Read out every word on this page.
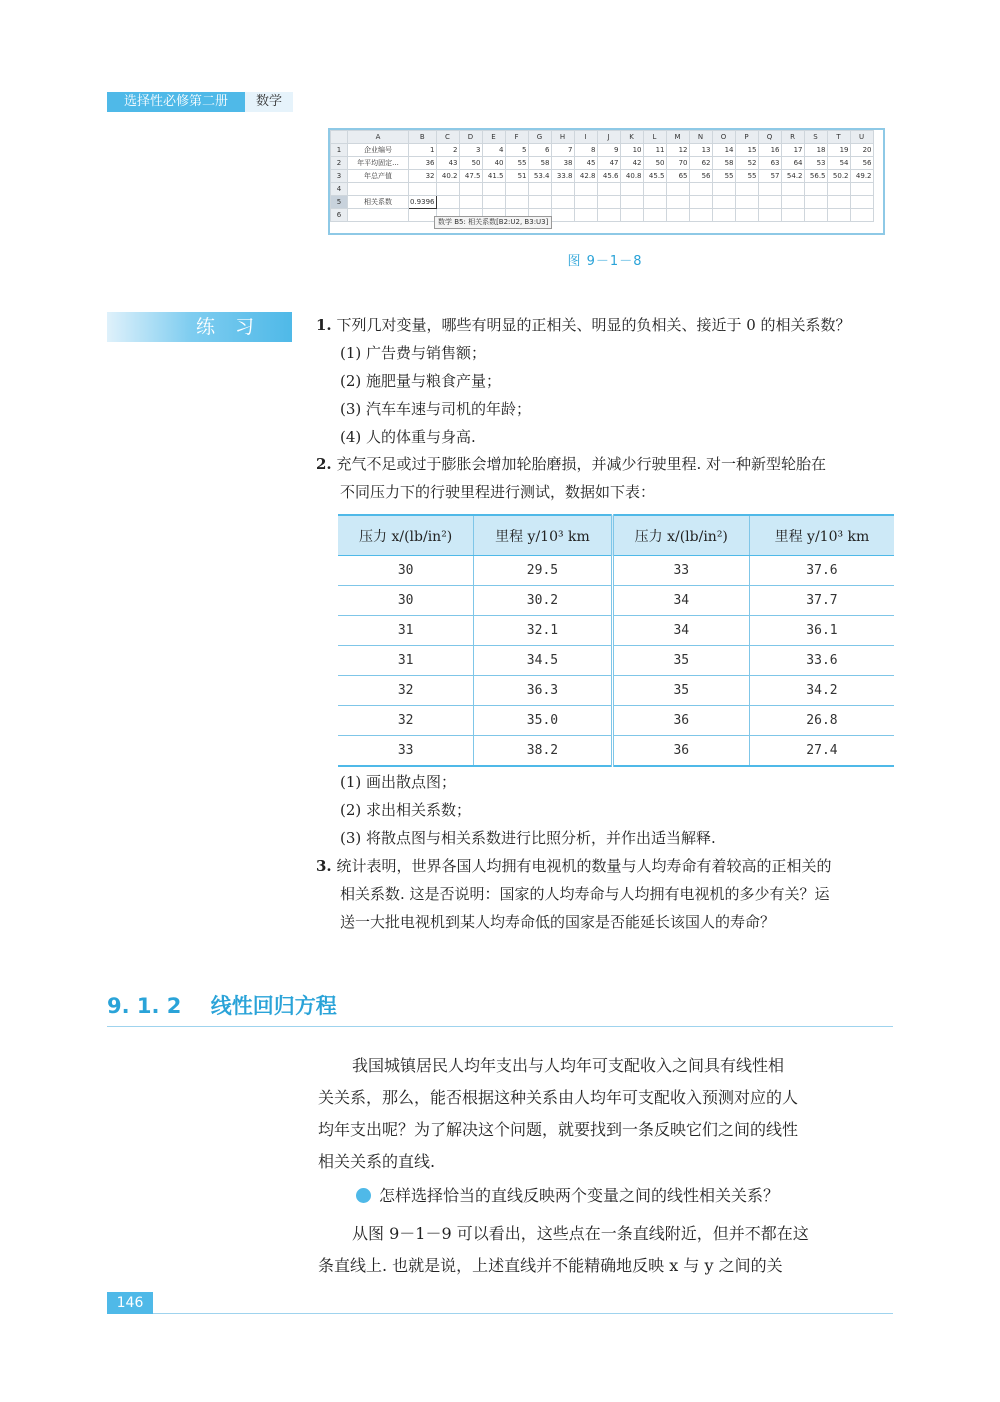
选择性必修第二册	数学
	A	B	C	D	E	F	G	H	I	J	K	L	M	N	O	P	Q	R	S	T	U
1	企业编号	1	2	3	4	5	6	7	8	9	10	11	12	13	14	15	16	17	18	19	20
2	年平均固定...	36	43	50	40	55	58	38	45	47	42	50	70	62	58	52	63	64	53	54	56
3	年总产值	32	40.2	47.5	41.5	51	53.4	33.8	42.8	45.6	40.8	45.5	65	56	55	55	57	54.2	56.5	50.2	49.2
4																					
5	相关系数	0.9396																			
6																					
数学 B5: 相关系数[B2:U2, B3:U3]
图 9－1－8
练习	1. 下列几对变量，哪些有明显的正相关、明显的负相关、接近于 0 的相关系数？
(1) 广告费与销售额；
(2) 施肥量与粮食产量；
(3) 汽车车速与司机的年龄；
(4) 人的体重与身高.
2. 充气不足或过于膨胀会增加轮胎磨损，并减少行驶里程. 对一种新型轮胎在
不同压力下的行驶里程进行测试，数据如下表：
压力 x/(lb/in²)	里程 y/10³ km	压力 x/(lb/in²)	里程 y/10³ km
30	29.5	33	37.6
30	30.2	34	37.7
31	32.1	34	36.1
31	34.5	35	33.6
32	36.3	35	34.2
32	35.0	36	26.8
33	38.2	36	27.4
(1) 画出散点图；
(2) 求出相关系数；
(3) 将散点图与相关系数进行比照分析，并作出适当解释.
3. 统计表明，世界各国人均拥有电视机的数量与人均寿命有着较高的正相关的
相关系数. 这是否说明：国家的人均寿命与人均拥有电视机的多少有关？运
送一大批电视机到某人均寿命低的国家是否能延长该国人的寿命？
9. 1. 2 线性回归方程
我国城镇居民人均年支出与人均年可支配收入之间具有线性相
关关系，那么，能否根据这种关系由人均年可支配收入预测对应的人
均年支出呢？为了解决这个问题，就要找到一条反映它们之间的线性
相关关系的直线.
怎样选择恰当的直线反映两个变量之间的线性相关关系？
从图 9－1－9 可以看出，这些点在一条直线附近，但并不都在这
条直线上. 也就是说，上述直线并不能精确地反映 x 与 y 之间的关
146
